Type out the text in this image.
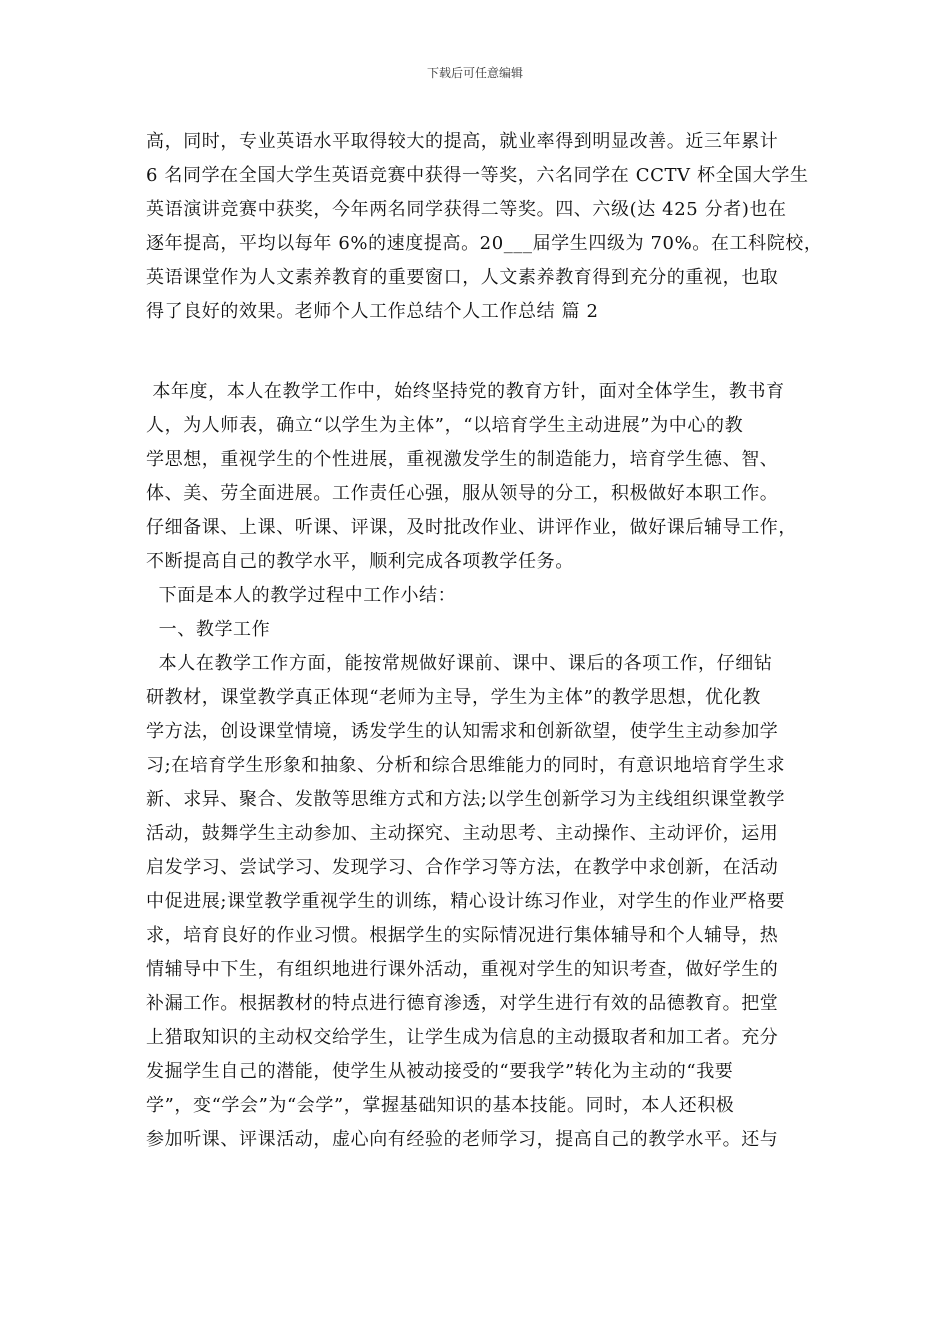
下载后可任意编辑
高，同时，专业英语水平取得较大的提高，就业率得到明显改善。近三年累计
6 名同学在全国大学生英语竞赛中获得一等奖，六名同学在 CCTV 杯全国大学生
英语演讲竞赛中获奖，今年两名同学获得二等奖。四、六级(达 425 分者)也在
逐年提高，平均以每年 6%的速度提高。20___届学生四级为 70%。在工科院校，
英语课堂作为人文素养教育的重要窗口，人文素养教育得到充分的重视，也取
得了良好的效果。老师个人工作总结个人工作总结 篇 2
本年度，本人在教学工作中，始终坚持党的教育方针，面对全体学生，教书育
人，为人师表，确立“以学生为主体”，“以培育学生主动进展”为中心的教
学思想，重视学生的个性进展，重视激发学生的制造能力，培育学生德、智、
体、美、劳全面进展。工作责任心强，服从领导的分工，积极做好本职工作。
仔细备课、上课、听课、评课，及时批改作业、讲评作业，做好课后辅导工作，
不断提高自己的教学水平，顺利完成各项教学任务。
下面是本人的教学过程中工作小结：
一、教学工作
本人在教学工作方面，能按常规做好课前、课中、课后的各项工作，仔细钻
研教材，课堂教学真正体现“老师为主导，学生为主体”的教学思想，优化教
学方法，创设课堂情境，诱发学生的认知需求和创新欲望，使学生主动参加学
习;在培育学生形象和抽象、分析和综合思维能力的同时，有意识地培育学生求
新、求异、聚合、发散等思维方式和方法;以学生创新学习为主线组织课堂教学
活动，鼓舞学生主动参加、主动探究、主动思考、主动操作、主动评价，运用
启发学习、尝试学习、发现学习、合作学习等方法，在教学中求创新，在活动
中促进展;课堂教学重视学生的训练，精心设计练习作业，对学生的作业严格要
求，培育良好的作业习惯。根据学生的实际情况进行集体辅导和个人辅导，热
情辅导中下生，有组织地进行课外活动，重视对学生的知识考查，做好学生的
补漏工作。根据教材的特点进行德育渗透，对学生进行有效的品德教育。把堂
上猎取知识的主动权交给学生，让学生成为信息的主动摄取者和加工者。充分
发掘学生自己的潜能，使学生从被动接受的“要我学”转化为主动的“我要
学”，变“学会”为“会学”，掌握基础知识的基本技能。同时，本人还积极
参加听课、评课活动，虚心向有经验的老师学习，提高自己的教学水平。还与
